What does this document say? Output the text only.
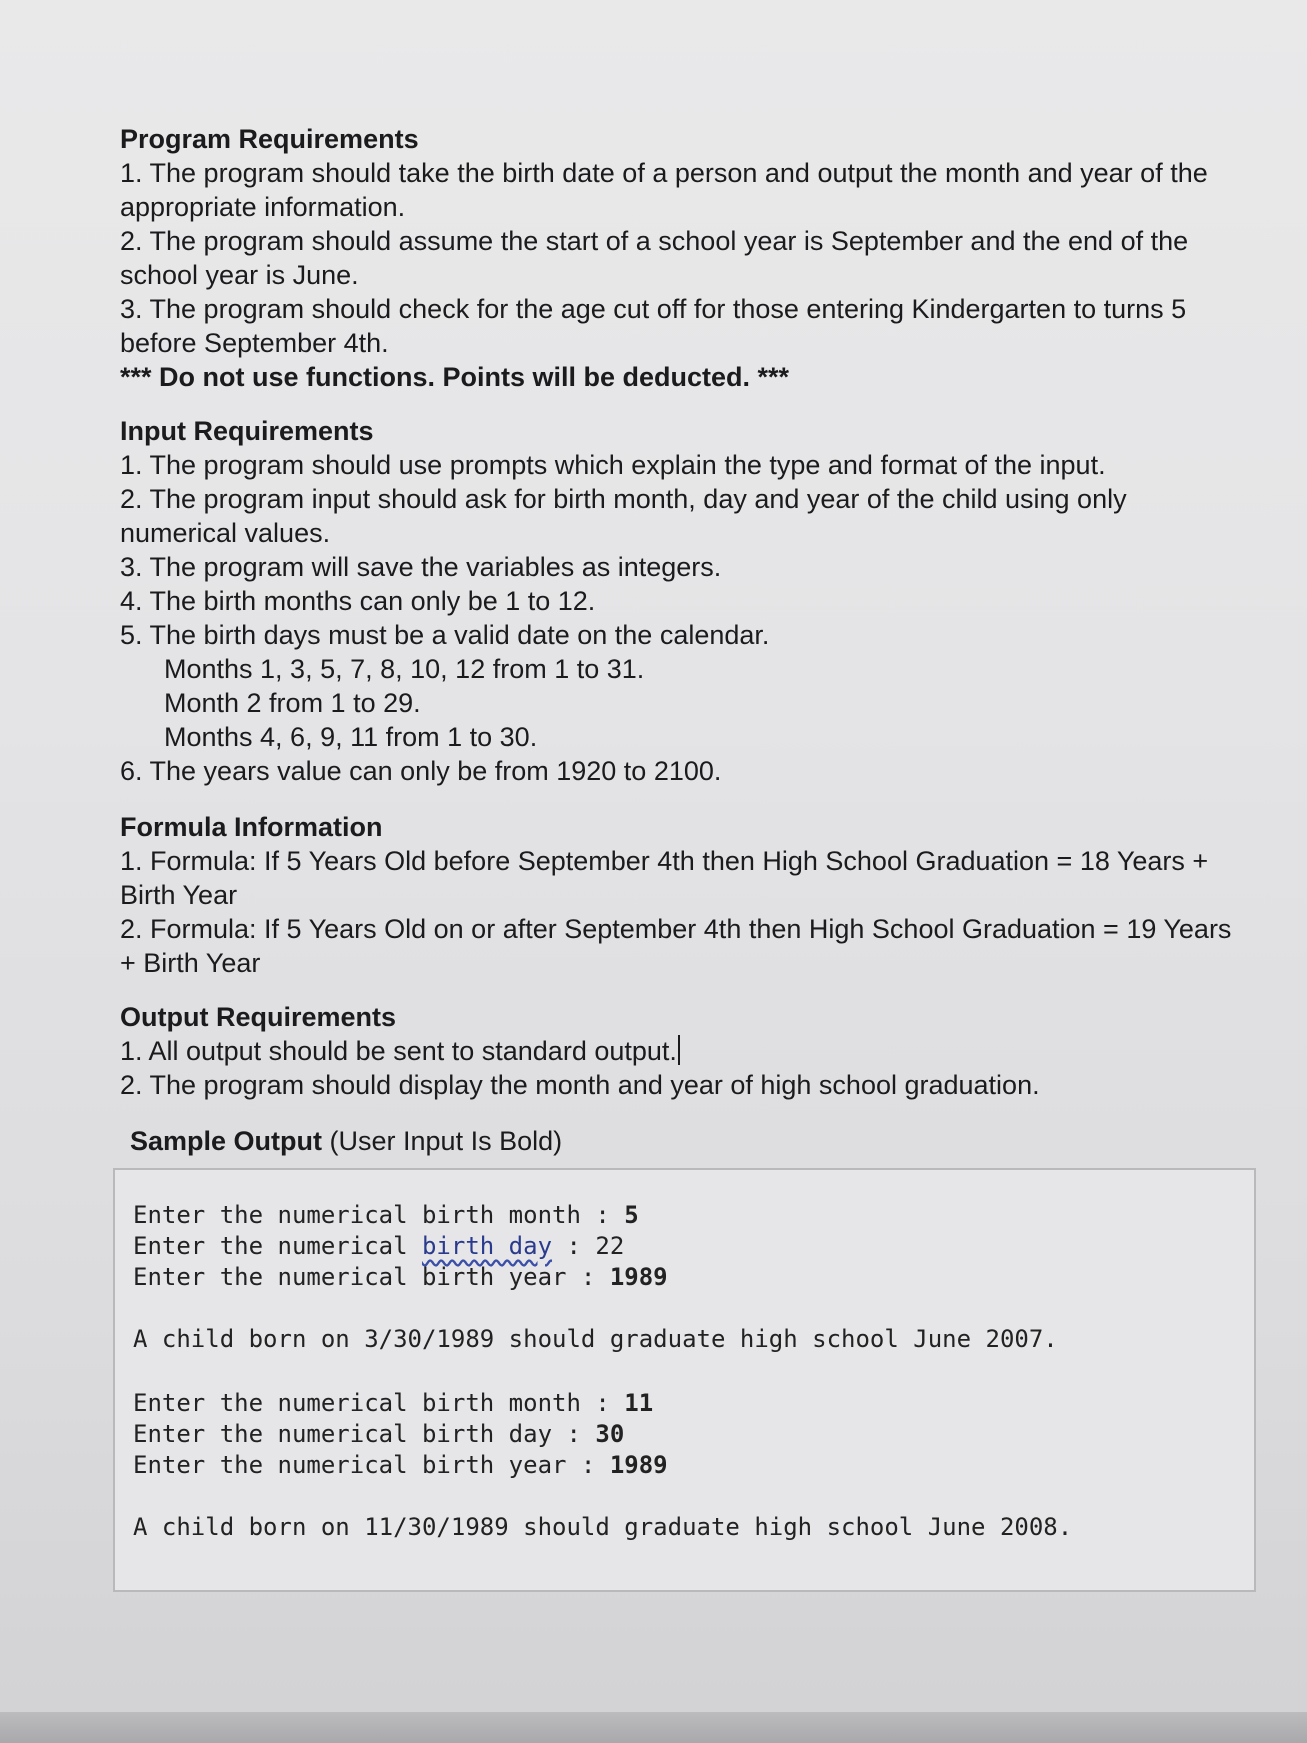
Program Requirements

1. The program should take the birth date of a person and output the month and year of the appropriate information.

2. The program should assume the start of a school year is September and the end of the school year is June.

3. The program should check for the age cut off for those entering Kindergarten to turns 5 before September 4th.

*** Do not use functions. Points will be deducted. ***

Input Requirements

1. The program should use prompts which explain the type and format of the input.

2. The program input should ask for birth month, day and year of the child using only numerical values.

3. The program will save the variables as integers.

4. The birth months can only be 1 to 12.

5. The birth days must be a valid date on the calendar.

Months 1, 3, 5, 7, 8, 10, 12 from 1 to 31.

Month 2 from 1 to 29.

Months 4, 6, 9, 11 from 1 to 30.

6. The years value can only be from 1920 to 2100.

Formula Information

1. Formula: If 5 Years Old before September 4th then High School Graduation = 18 Years + Birth Year

2. Formula: If 5 Years Old on or after September 4th then High School Graduation = 19 Years + Birth Year

Output Requirements

1. All output should be sent to standard output.

2. The program should display the month and year of high school graduation.

Sample Output (User Input Is Bold)
Enter the numerical birth month : 5
Enter the numerical birth day : 22
Enter the numerical birth year : 1989
A child born on 3/30/1989 should graduate high school June 2007.
Enter the numerical birth month : 11
Enter the numerical birth day : 30
Enter the numerical birth year : 1989
A child born on 11/30/1989 should graduate high school June 2008.
